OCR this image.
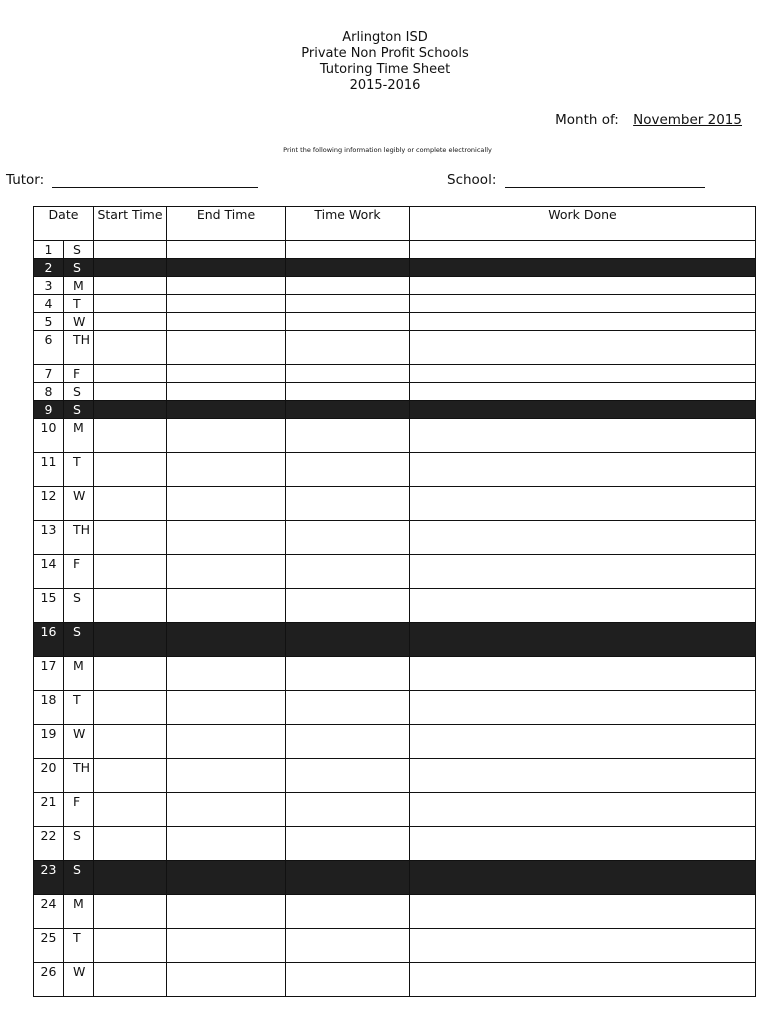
Arlington ISD
Private Non Profit Schools
Tutoring Time Sheet
2015-2016
Month of: November 2015
Print the following information legibly or complete electronically
Tutor:	School:
Date		Start Time	End Time	Time Work	Work Done
1	S				
2	S				
3	M				
4	T				
5	W				
6	TH				
7	F				
8	S				
9	S				
10	M				
11	T				
12	W				
13	TH				
14	F				
15	S				
16	S				
17	M				
18	T				
19	W				
20	TH				
21	F				
22	S				
23	S				
24	M				
25	T				
26	W				
